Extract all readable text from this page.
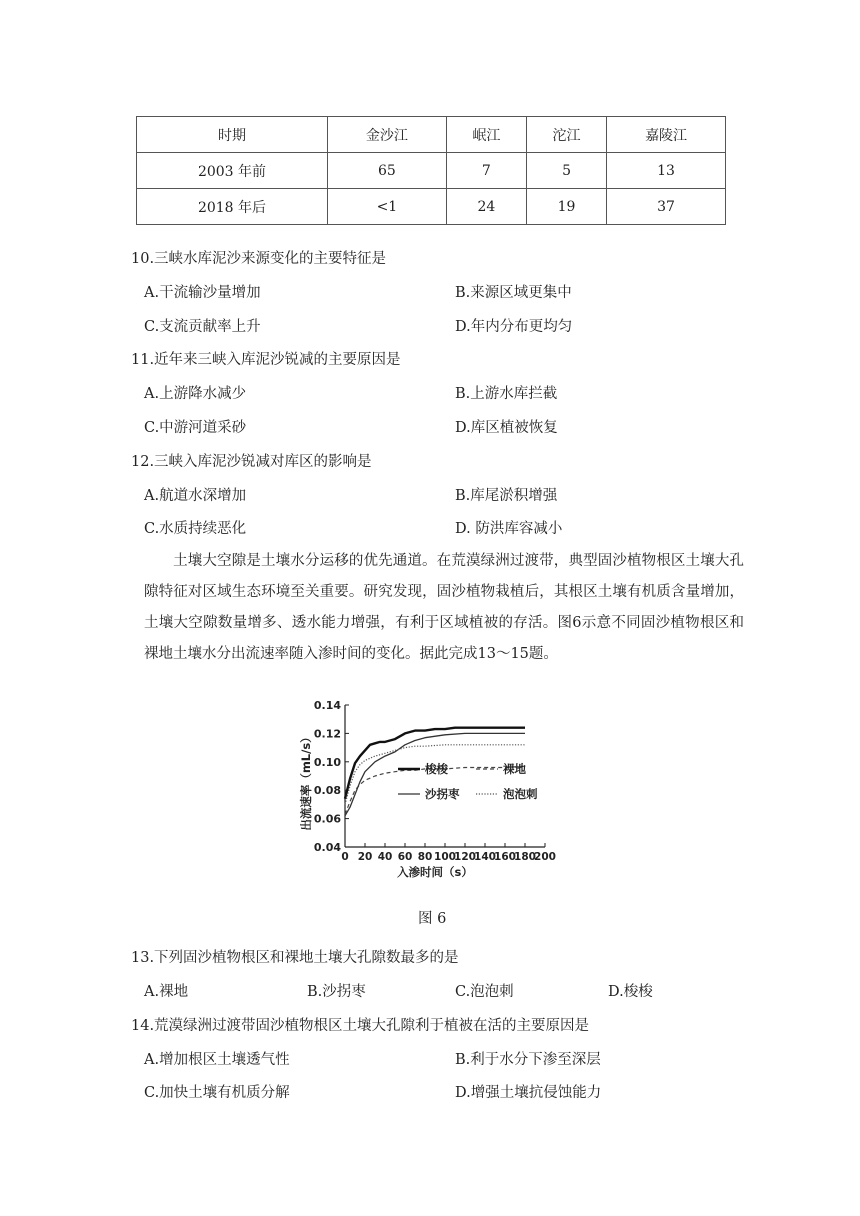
时期	金沙江	岷江	沱江	嘉陵江
2003 年前	65	7	5	13
2018 年后	<1	24	19	37
10.三峡水库泥沙来源变化的主要特征是
A.干流输沙量增加	B.来源区域更集中
C.支流贡献率上升	D.年内分布更均匀
11.近年来三峡入库泥沙锐减的主要原因是
A.上游降水减少	B.上游水库拦截
C.中游河道采砂	D.库区植被恢复
12.三峡入库泥沙锐减对库区的影响是
A.航道水深增加	B.库尾淤积增强
C.水质持续恶化	D. 防洪库容减小
土壤大空隙是土壤水分运移的优先通道。在荒漠绿洲过渡带，典型固沙植物根区土壤大孔隙特征对区域生态环境至关重要。研究发现，固沙植物栽植后，其根区土壤有机质含量增加，土壤大空隙数量增多、透水能力增强，有利于区域植被的存活。图6示意不同固沙植物根区和裸地土壤水分出流速率随入渗时间的变化。据此完成13～15题。
0.04
0.06
0.08
0.10
0.12
0.14
0 20 40 60 80 100
120
140
160
180
200
入渗时间（s）
出流速率（mL/s）	梭梭	裸地
沙拐枣	泡泡刺
图 6
13.下列固沙植物根区和裸地土壤大孔隙数最多的是
A.裸地	B.沙拐枣	C.泡泡刺	D.梭梭
14.荒漠绿洲过渡带固沙植物根区土壤大孔隙利于植被在活的主要原因是
A.增加根区土壤透气性	B.利于水分下渗至深层
C.加快土壤有机质分解	D.增强土壤抗侵蚀能力
